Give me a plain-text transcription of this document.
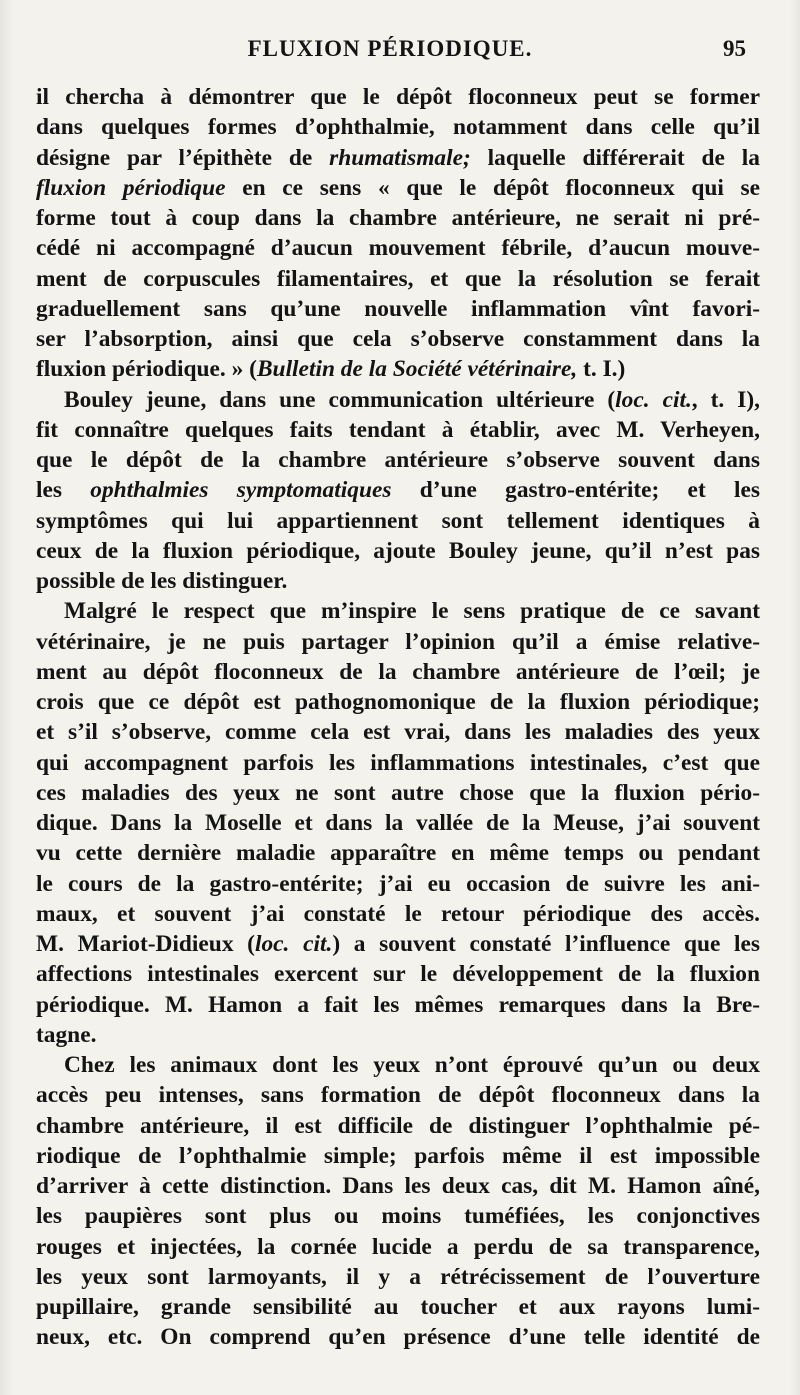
FLUXION PÉRIODIQUE.	95
il chercha à démontrer que le dépôt floconneux peut se former
dans quelques formes d’ophthalmie, notamment dans celle qu’il
désigne par l’épithète de rhumatismale; laquelle différerait de la
fluxion périodique en ce sens « que le dépôt floconneux qui se
forme tout à coup dans la chambre antérieure, ne serait ni pré-
cédé ni accompagné d’aucun mouvement fébrile, d’aucun mouve-
ment de corpuscules filamentaires, et que la résolution se ferait
graduellement sans qu’une nouvelle inflammation vînt favori-
ser l’absorption, ainsi que cela s’observe constamment dans la
fluxion périodique. » (Bulletin de la Société vétérinaire, t. I.)
Bouley jeune, dans une communication ultérieure (loc. cit., t. I),
fit connaître quelques faits tendant à établir, avec M. Verheyen,
que le dépôt de la chambre antérieure s’observe souvent dans
les ophthalmies symptomatiques d’une gastro-entérite; et les
symptômes qui lui appartiennent sont tellement identiques à
ceux de la fluxion périodique, ajoute Bouley jeune, qu’il n’est pas
possible de les distinguer.
Malgré le respect que m’inspire le sens pratique de ce savant
vétérinaire, je ne puis partager l’opinion qu’il a émise relative-
ment au dépôt floconneux de la chambre antérieure de l’œil; je
crois que ce dépôt est pathognomonique de la fluxion périodique;
et s’il s’observe, comme cela est vrai, dans les maladies des yeux
qui accompagnent parfois les inflammations intestinales, c’est que
ces maladies des yeux ne sont autre chose que la fluxion pério-
dique. Dans la Moselle et dans la vallée de la Meuse, j’ai souvent
vu cette dernière maladie apparaître en même temps ou pendant
le cours de la gastro-entérite; j’ai eu occasion de suivre les ani-
maux, et souvent j’ai constaté le retour périodique des accès.
M. Mariot-Didieux (loc. cit.) a souvent constaté l’influence que les
affections intestinales exercent sur le développement de la fluxion
périodique. M. Hamon a fait les mêmes remarques dans la Bre-
tagne.
Chez les animaux dont les yeux n’ont éprouvé qu’un ou deux
accès peu intenses, sans formation de dépôt floconneux dans la
chambre antérieure, il est difficile de distinguer l’ophthalmie pé-
riodique de l’ophthalmie simple; parfois même il est impossible
d’arriver à cette distinction. Dans les deux cas, dit M. Hamon aîné,
les paupières sont plus ou moins tuméfiées, les conjonctives
rouges et injectées, la cornée lucide a perdu de sa transparence,
les yeux sont larmoyants, il y a rétrécissement de l’ouverture
pupillaire, grande sensibilité au toucher et aux rayons lumi-
neux, etc. On comprend qu’en présence d’une telle identité de
